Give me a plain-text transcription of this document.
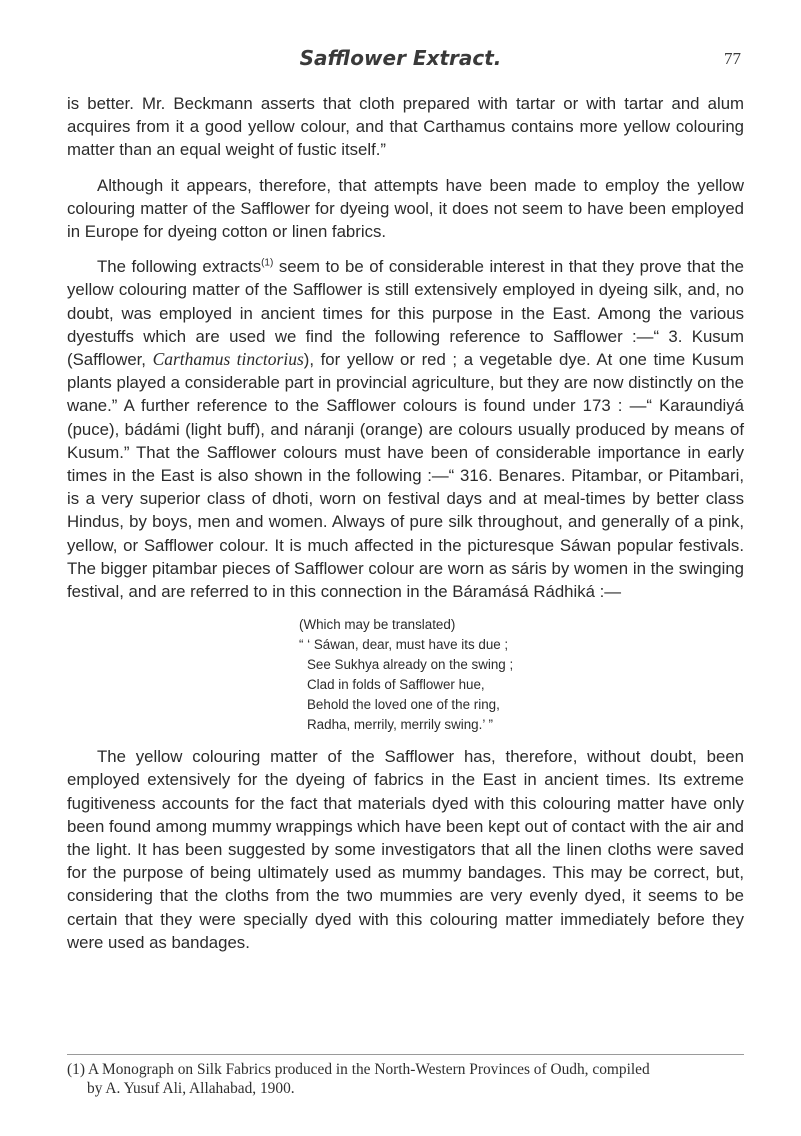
Safflower Extract.	77

is better. Mr. Beckmann asserts that cloth prepared with tartar or with tartar and alum acquires from it a good yellow colour, and that Carthamus contains more yellow colouring matter than an equal weight of fustic itself.”

Although it appears, therefore, that attempts have been made to employ the yellow colouring matter of the Safflower for dyeing wool, it does not seem to have been employed in Europe for dyeing cotton or linen fabrics.

The following extracts$^{(1)}$ seem to be of considerable interest in that they prove that the yellow colouring matter of the Safflower is still extensively employed in dyeing silk, and, no doubt, was employed in ancient times for this purpose in the East. Among the various dyestuffs which are used we find the following reference to Safflower :—“ 3. Kusum (Safflower, Carthamus tinctorius), for yellow or red ; a vegetable dye. At one time Kusum plants played a considerable part in provincial agriculture, but they are now distinctly on the wane.” A further reference to the Safflower colours is found under 173 : —“ Karaundiyá (puce), bádámi (light buff), and náranji (orange) are colours usually produced by means of Kusum.” That the Safflower colours must have been of considerable importance in early times in the East is also shown in the following :—“ 316. Benares. Pitambar, or Pitambari, is a very superior class of dhoti, worn on festival days and at meal-times by better class Hindus, by boys, men and women. Always of pure silk throughout, and generally of a pink, yellow, or Safflower colour. It is much affected in the picturesque Sáwan popular festivals. The bigger pitambar pieces of Safflower colour are worn as sáris by women in the swinging festival, and are referred to in this connection in the Báramásá Rádhiká :—

(Which may be translated)
“ ‘ Sáwan, dear, must have its due ;
See Sukhya already on the swing ;
Clad in folds of Safflower hue,
Behold the loved one of the ring,
Radha, merrily, merrily swing.’ ”

The yellow colouring matter of the Safflower has, therefore, without doubt, been employed extensively for the dyeing of fabrics in the East in ancient times. Its extreme fugitiveness accounts for the fact that materials dyed with this colouring matter have only been found among mummy wrappings which have been kept out of contact with the air and the light. It has been suggested by some investigators that all the linen cloths were saved for the purpose of being ultimately used as mummy bandages. This may be correct, but, considering that the cloths from the two mummies are very evenly dyed, it seems to be certain that they were specially dyed with this colouring matter immediately before they were used as bandages.

(1) A Monograph on Silk Fabrics produced in the North-Western Provinces of Oudh, compiled
by A. Yusuf Ali, Allahabad, 1900.
